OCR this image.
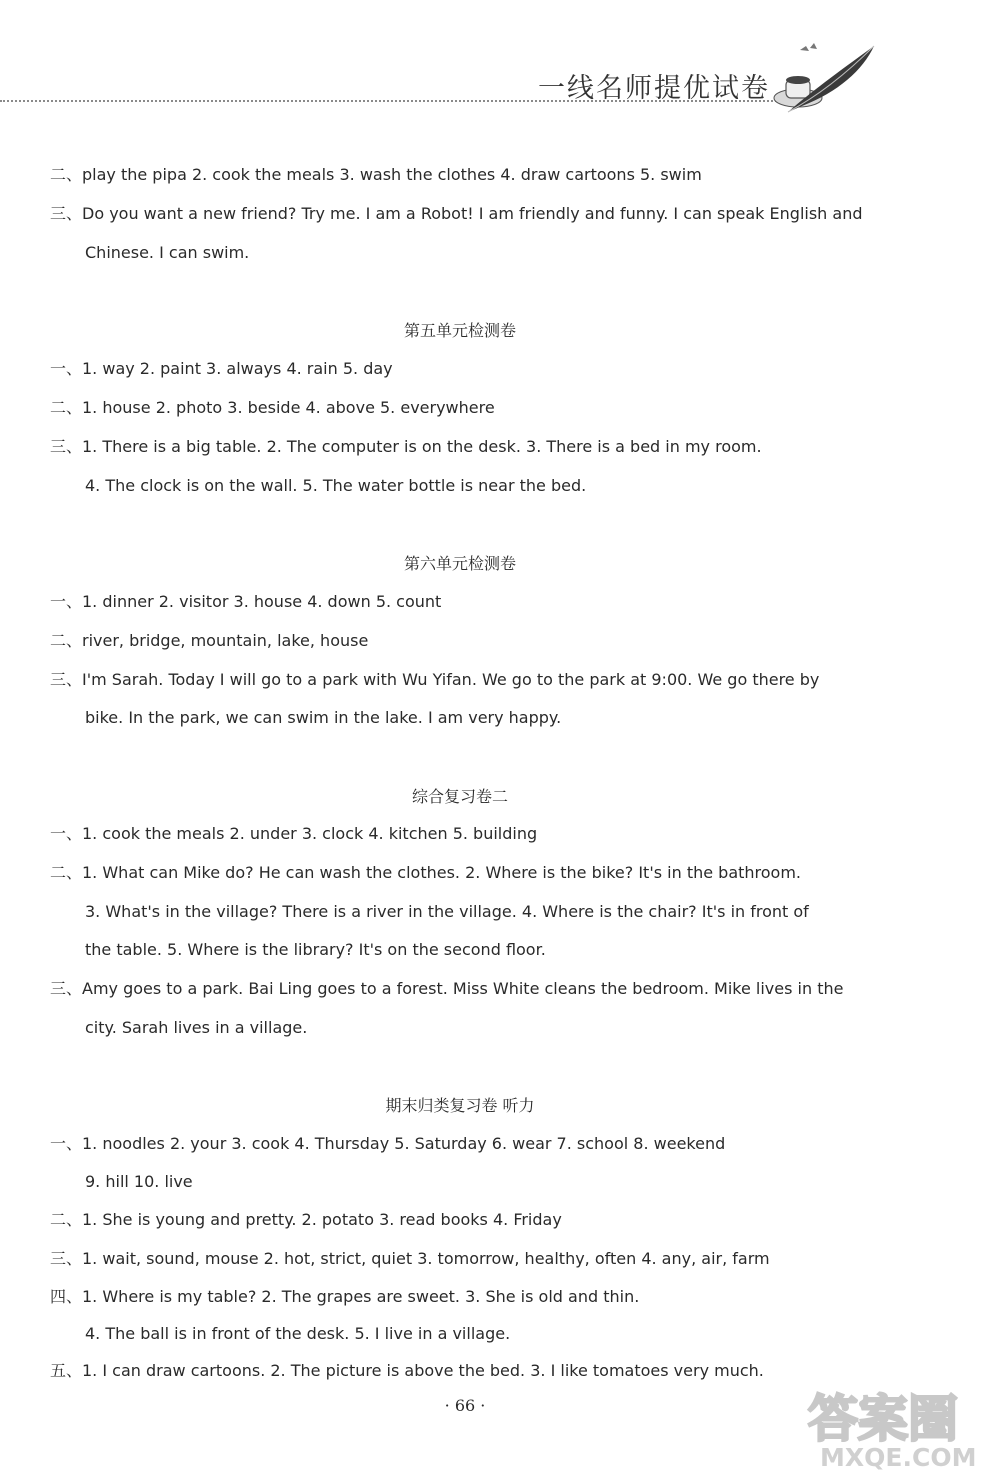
一线名师提优试卷
第五单元检测卷
第六单元检测卷
综合复习卷二
期末归类复习卷 听力
二、play the pipa 2. cook the meals 3. wash the clothes 4. draw cartoons 5. swim
三、Do you want a new friend? Try me. I am a Robot! I am friendly and funny. I can speak English and
Chinese. I can swim.
一、1. way 2. paint 3. always 4. rain 5. day
二、1. house 2. photo 3. beside 4. above 5. everywhere
三、1. There is a big table. 2. The computer is on the desk. 3. There is a bed in my room.
4. The clock is on the wall. 5. The water bottle is near the bed.
一、1. dinner 2. visitor 3. house 4. down 5. count
二、river, bridge, mountain, lake, house
三、I'm Sarah. Today I will go to a park with Wu Yifan. We go to the park at 9:00. We go there by
bike. In the park, we can swim in the lake. I am very happy.
一、1. cook the meals 2. under 3. clock 4. kitchen 5. building
二、1. What can Mike do? He can wash the clothes. 2. Where is the bike? It's in the bathroom.
3. What's in the village? There is a river in the village. 4. Where is the chair? It's in front of
the table. 5. Where is the library? It's on the second floor.
三、Amy goes to a park. Bai Ling goes to a forest. Miss White cleans the bedroom. Mike lives in the
city. Sarah lives in a village.
一、1. noodles 2. your 3. cook 4. Thursday 5. Saturday 6. wear 7. school 8. weekend
9. hill 10. live
二、1. She is young and pretty. 2. potato 3. read books 4. Friday
三、1. wait, sound, mouse 2. hot, strict, quiet 3. tomorrow, healthy, often 4. any, air, farm
四、1. Where is my table? 2. The grapes are sweet. 3. She is old and thin.
4. The ball is in front of the desk. 5. I live in a village.
五、1. I can draw cartoons. 2. The picture is above the bed. 3. I like tomatoes very much.
· 66 ·	答案圈
MXQE.COM
